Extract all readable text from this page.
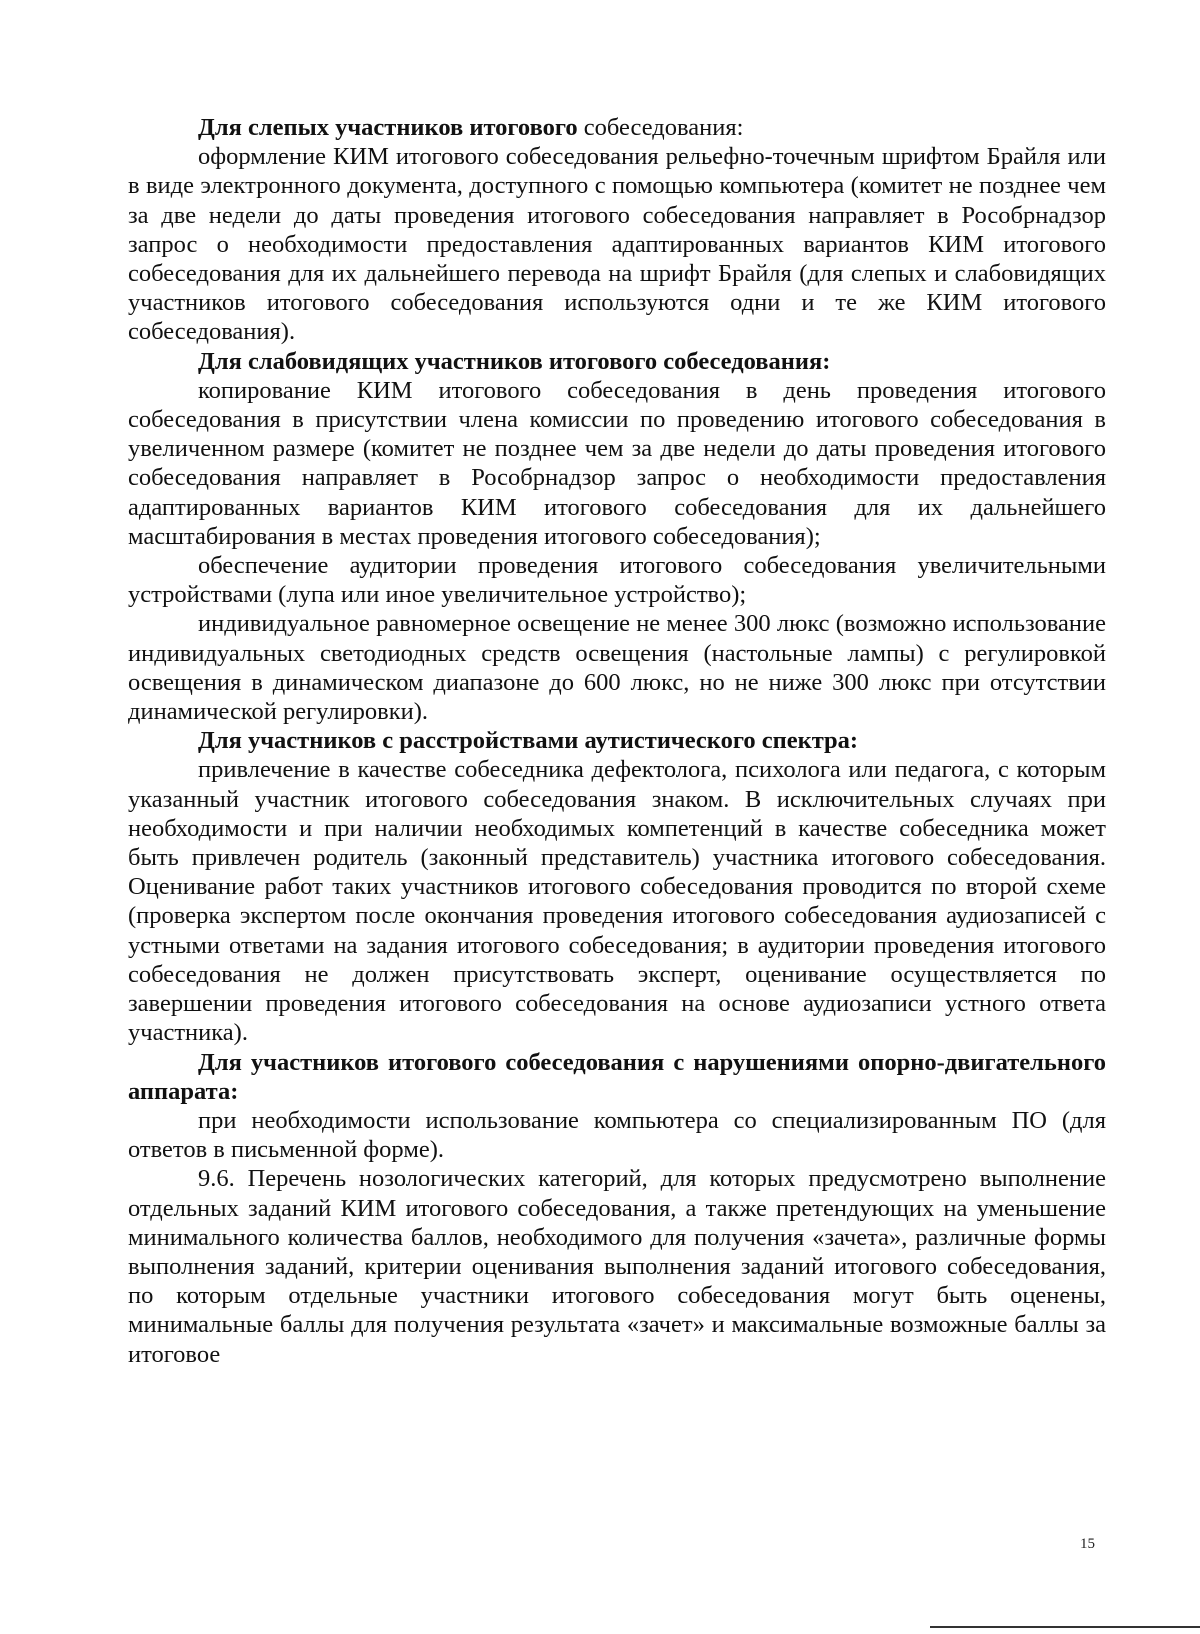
Для слепых участников итогового собеседования:

оформление КИМ итогового собеседования рельефно-точечным шрифтом Брайля или в виде электронного документа, доступного с помощью компьютера (комитет не позднее чем за две недели до даты проведения итогового собеседования направляет в Рособрнадзор запрос о необходимости предоставления адаптированных вариантов КИМ итогового собеседования для их дальнейшего перевода на шрифт Брайля (для слепых и слабовидящих участников итогового собеседования используются одни и те же КИМ итогового собеседования).

Для слабовидящих участников итогового собеседования:

копирование КИМ итогового собеседования в день проведения итогового собеседования в присутствии члена комиссии по проведению итогового собеседования в увеличенном размере (комитет не позднее чем за две недели до даты проведения итогового собеседования направляет в Рособрнадзор запрос о необходимости предоставления адаптированных вариантов КИМ итогового собеседования для их дальнейшего масштабирования в местах проведения итогового собеседования);

обеспечение аудитории проведения итогового собеседования увеличительными устройствами (лупа или иное увеличительное устройство);

индивидуальное равномерное освещение не менее 300 люкс (возможно использование индивидуальных светодиодных средств освещения (настольные лампы) с регулировкой освещения в динамическом диапазоне до 600 люкс, но не ниже 300 люкс при отсутствии динамической регулировки).

Для участников с расстройствами аутистического спектра:

привлечение в качестве собеседника дефектолога, психолога или педагога, с которым указанный участник итогового собеседования знаком. В исключительных случаях при необходимости и при наличии необходимых компетенций в качестве собеседника может быть привлечен родитель (законный представитель) участника итогового собеседования. Оценивание работ таких участников итогового собеседования проводится по второй схеме (проверка экспертом после окончания проведения итогового собеседования аудиозаписей с устными ответами на задания итогового собеседования; в аудитории проведения итогового собеседования не должен присутствовать эксперт, оценивание осуществляется по завершении проведения итогового собеседования на основе аудиозаписи устного ответа участника).

Для участников итогового собеседования с нарушениями опорно-двигательного аппарата:

при необходимости использование компьютера со специализированным ПО (для ответов в письменной форме).

9.6. Перечень нозологических категорий, для которых предусмотрено выполнение отдельных заданий КИМ итогового собеседования, а также претендующих на уменьшение минимального количества баллов, необходимого для получения «зачета», различные формы выполнения заданий, критерии оценивания выполнения заданий итогового собеседования, по которым отдельные участники итогового собеседования могут быть оценены, минимальные баллы для получения результата «зачет» и максимальные возможные баллы за итоговое

15
